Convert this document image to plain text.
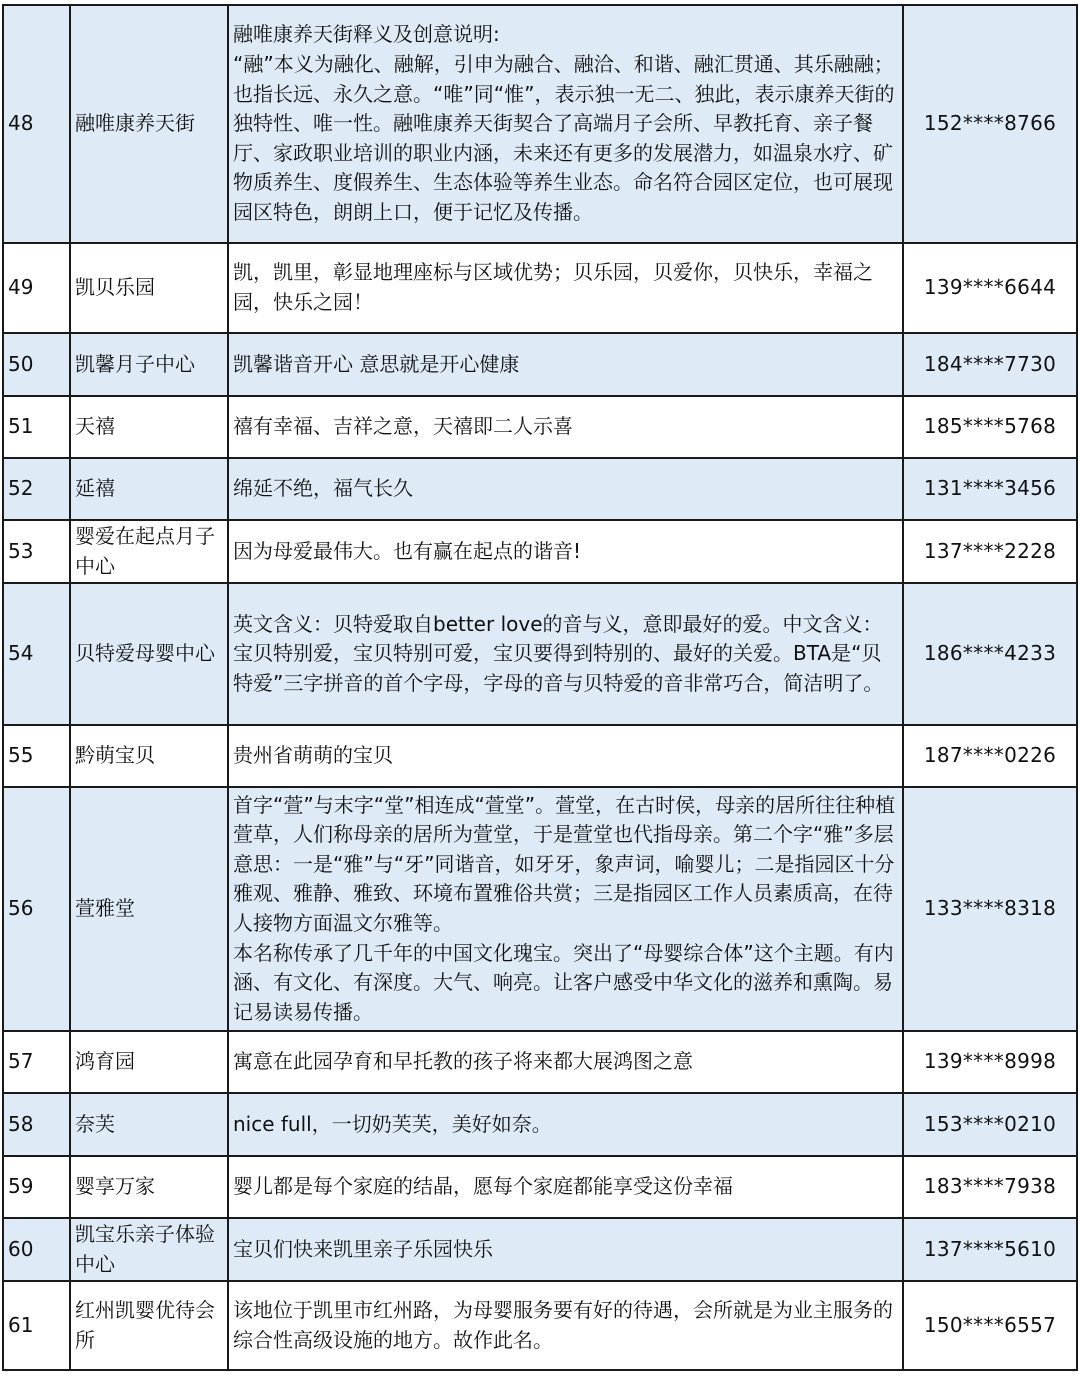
48	融唯康养天街	融唯康养天街释义及创意说明:
“融”本义为融化、融解，引申为融合、融洽、和谐、融汇贯通、其乐融融；也指长远、永久之意。“唯”同“惟”，表示独一无二、独此，表示康养天街的独特性、唯一性。融唯康养天街契合了高端月子会所、早教托育、亲子餐厅、家政职业培训的职业内涵，未来还有更多的发展潜力，如温泉水疗、矿物质养生、度假养生、生态体验等养生业态。命名符合园区定位，也可展现园区特色，朗朗上口，便于记忆及传播。	152****8766
49	凯贝乐园	凯，凯里，彰显地理座标与区域优势；贝乐园，贝爱你，贝快乐，幸福之园，快乐之园！	139****6644
50	凯馨月子中心	凯馨谐音开心 意思就是开心健康	184****7730
51	天禧	禧有幸福、吉祥之意，天禧即二人示喜	185****5768
52	延禧	绵延不绝，福气长久	131****3456
53	婴爱在起点月子中心	因为母爱最伟大。也有赢在起点的谐音!	137****2228
54	贝特爱母婴中心	英文含义：贝特爱取自better love的音与义，意即最好的爱。中文含义：宝贝特别爱，宝贝特别可爱，宝贝要得到特别的、最好的关爱。BTA是“贝特爱”三字拼音的首个字母，字母的音与贝特爱的音非常巧合，简洁明了。	186****4233
55	黔萌宝贝	贵州省萌萌的宝贝	187****0226
56	萱雅堂	首字“萱”与末字“堂”相连成“萱堂”。萱堂，在古时侯，母亲的居所往往种植萱草，人们称母亲的居所为萱堂，于是萱堂也代指母亲。第二个字“雅”多层意思：一是“雅”与“牙”同谐音，如牙牙，象声词，喻婴儿；二是指园区十分雅观、雅静、雅致、环境布置雅俗共赏；三是指园区工作人员素质高，在待人接物方面温文尔雅等。
本名称传承了几千年的中国文化瑰宝。突出了“母婴综合体”这个主题。有内涵、有文化、有深度。大气、响亮。让客户感受中华文化的滋养和熏陶。易记易读易传播。	133****8318
57	鸿育园	寓意在此园孕育和早托教的孩子将来都大展鸿图之意	139****8998
58	奈芙	nice full，一切奶芙芙，美好如奈。	153****0210
59	婴享万家	婴儿都是每个家庭的结晶，愿每个家庭都能享受这份幸福	183****7938
60	凯宝乐亲子体验中心	宝贝们快来凯里亲子乐园快乐	137****5610
61	红州凯婴优待会所	该地位于凯里市红州路，为母婴服务要有好的待遇，会所就是为业主服务的综合性高级设施的地方。故作此名。	150****6557
